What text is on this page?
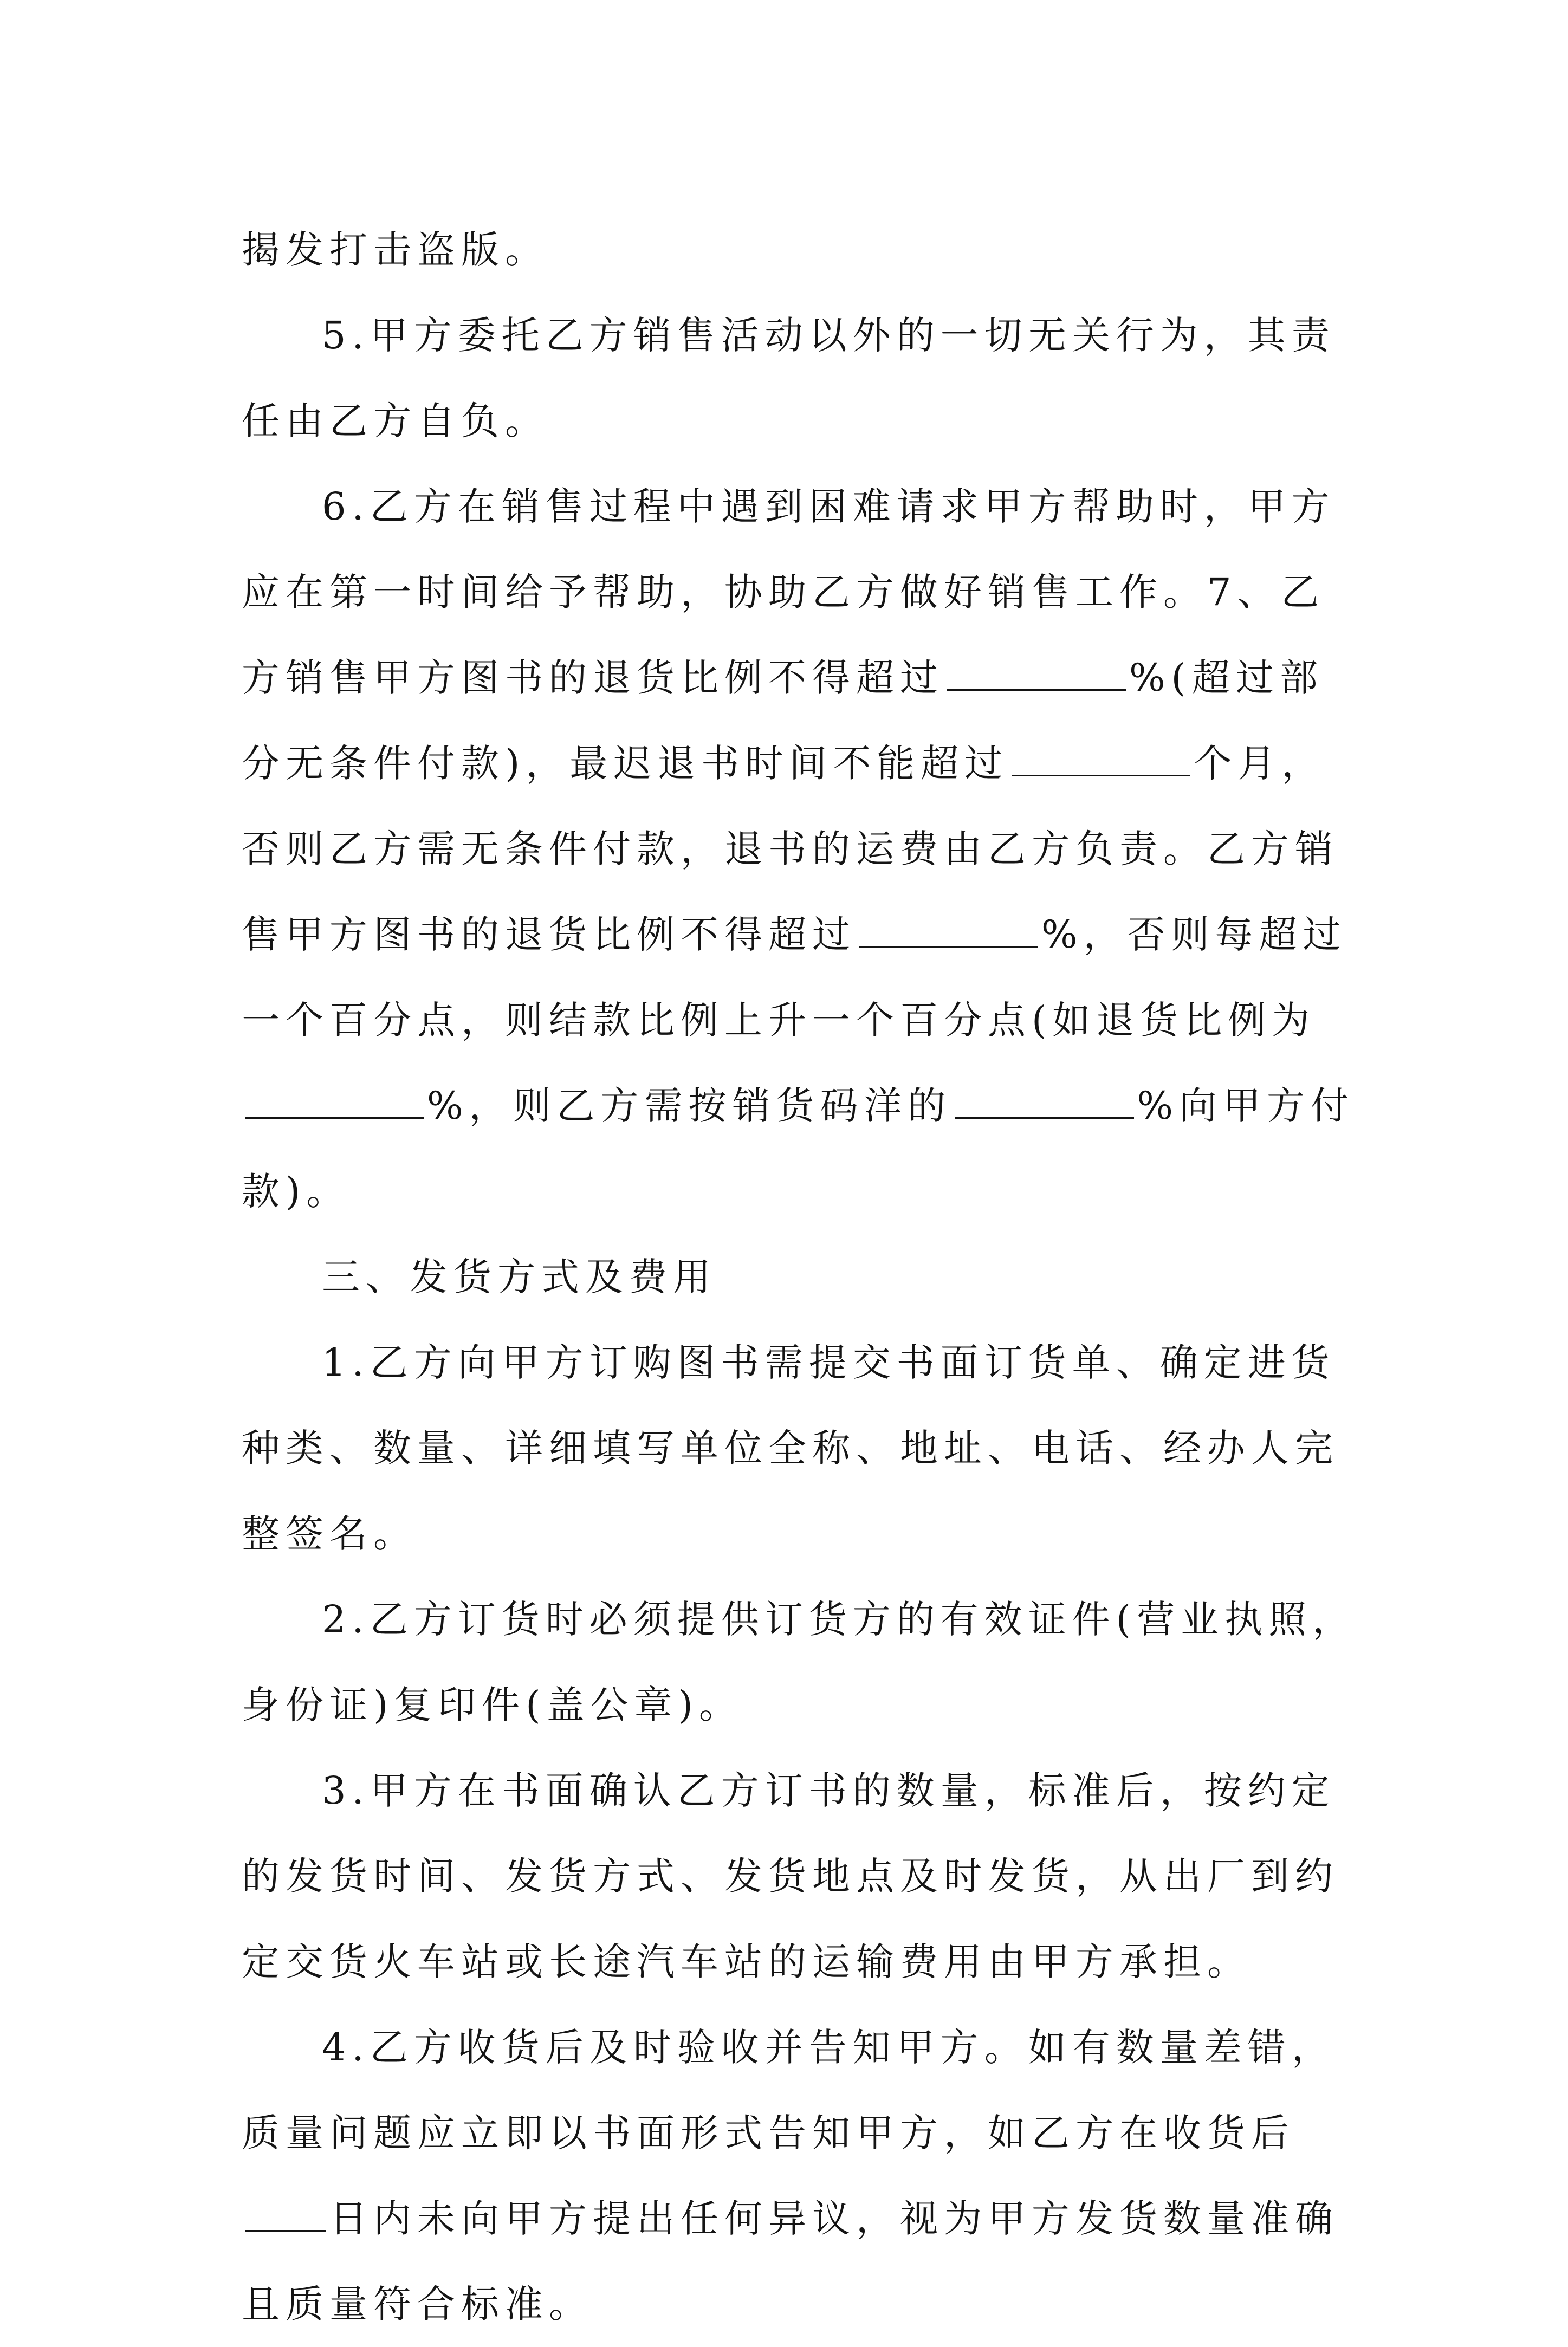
揭发打击盗版。

5.甲方委托乙方销售活动以外的一切无关行为，其责任由乙方自负。

6.乙方在销售过程中遇到困难请求甲方帮助时，甲方应在第一时间给予帮助，协助乙方做好销售工作。7、乙方销售甲方图书的退货比例不得超过	%(超过部分无条件付款)，最迟退书时间不能超过	个月，否则乙方需无条件付款，退书的运费由乙方负责。乙方销售甲方图书的退货比例不得超过	%，否则每超过一个百分点，则结款比例上升一个百分点(如退货比例为%，则乙方需按销货码洋的	%向甲方付款)。

三、发货方式及费用

1.乙方向甲方订购图书需提交书面订货单、确定进货种类、数量、详细填写单位全称、地址、电话、经办人完整签名。

2.乙方订货时必须提供订货方的有效证件(营业执照，身份证)复印件(盖公章)。

3.甲方在书面确认乙方订书的数量，标准后，按约定的发货时间、发货方式、发货地点及时发货，从出厂到约定交货火车站或长途汽车站的运输费用由甲方承担。

4.乙方收货后及时验收并告知甲方。如有数量差错，质量问题应立即以书面形式告知甲方，如乙方在收货后日内未向甲方提出任何异议，视为甲方发货数量准确且质量符合标准。
